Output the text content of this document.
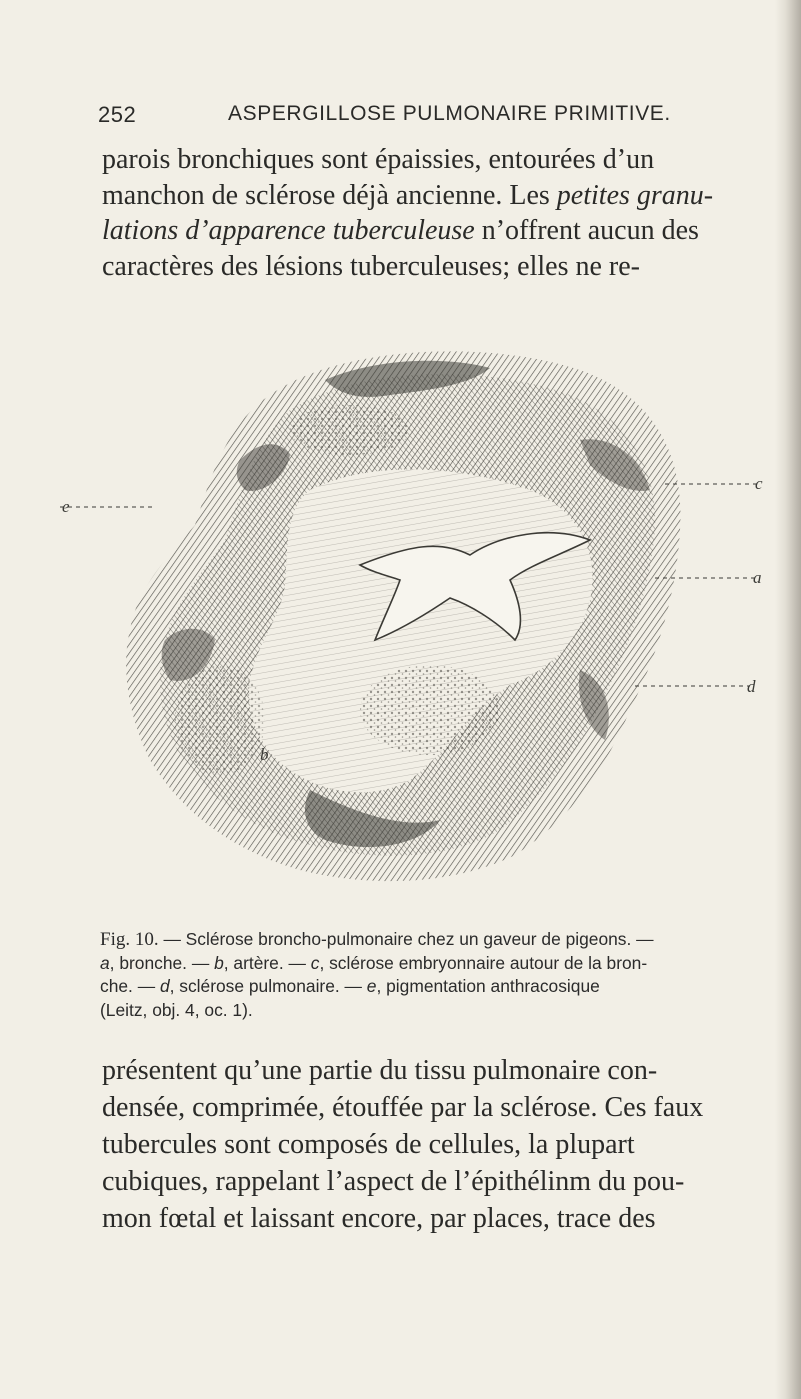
252	ASPERGILLOSE PULMONAIRE PRIMITIVE.

parois bronchiques sont épaissies, entourées d’un
manchon de sclérose déjà ancienne. Les petites granu-
lations d’apparence tuberculeuse n’offrent aucun des
caractères des lésions tuberculeuses; elles ne re-

e
c
a
d
b
Fig. 10. — Sclérose broncho-pulmonaire chez un gaveur de pigeons. —
a, bronche. — b, artère. — c, sclérose embryonnaire autour de la bron-
che. — d, sclérose pulmonaire. — e, pigmentation anthracosique
(Leitz, obj. 4, oc. 1).

présentent qu’une partie du tissu pulmonaire con-
densée, comprimée, étouffée par la sclérose. Ces faux
tubercules sont composés de cellules, la plupart
cubiques, rappelant l’aspect de l’épithélinm du pou-
mon fœtal et laissant encore, par places, trace des
